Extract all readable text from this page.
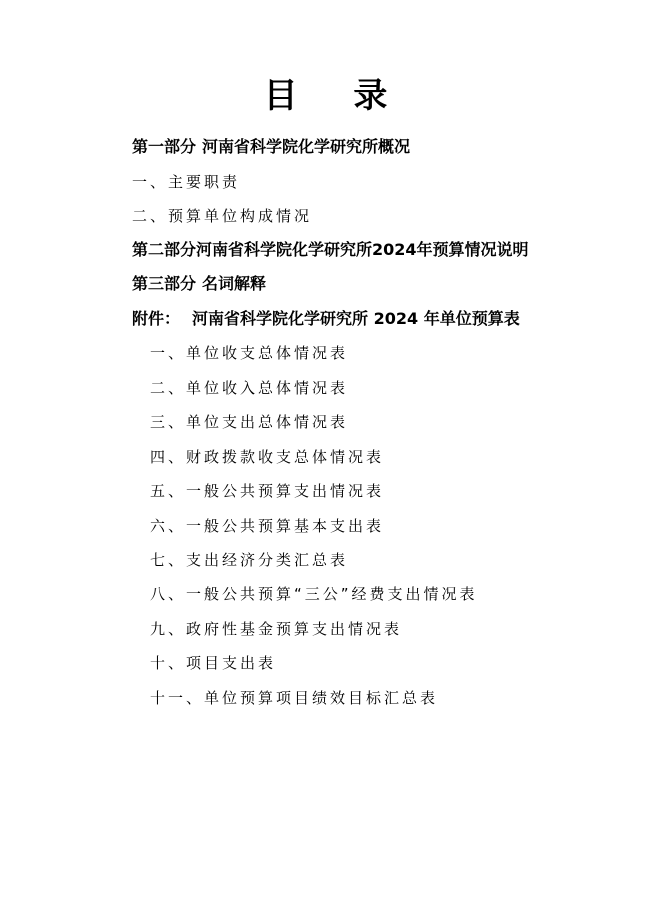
目 录
第一部分 河南省科学院化学研究所概况
一、主要职责
二、预算单位构成情况
第二部分河南省科学院化学研究所2024年预算情况说明
第三部分 名词解释
附件： 河南省科学院化学研究所 2024 年单位预算表
一、单位收支总体情况表
二、单位收入总体情况表
三、单位支出总体情况表
四、财政拨款收支总体情况表
五、一般公共预算支出情况表
六、一般公共预算基本支出表
七、支出经济分类汇总表
八、一般公共预算“三公”经费支出情况表
九、政府性基金预算支出情况表
十、项目支出表
十一、单位预算项目绩效目标汇总表
